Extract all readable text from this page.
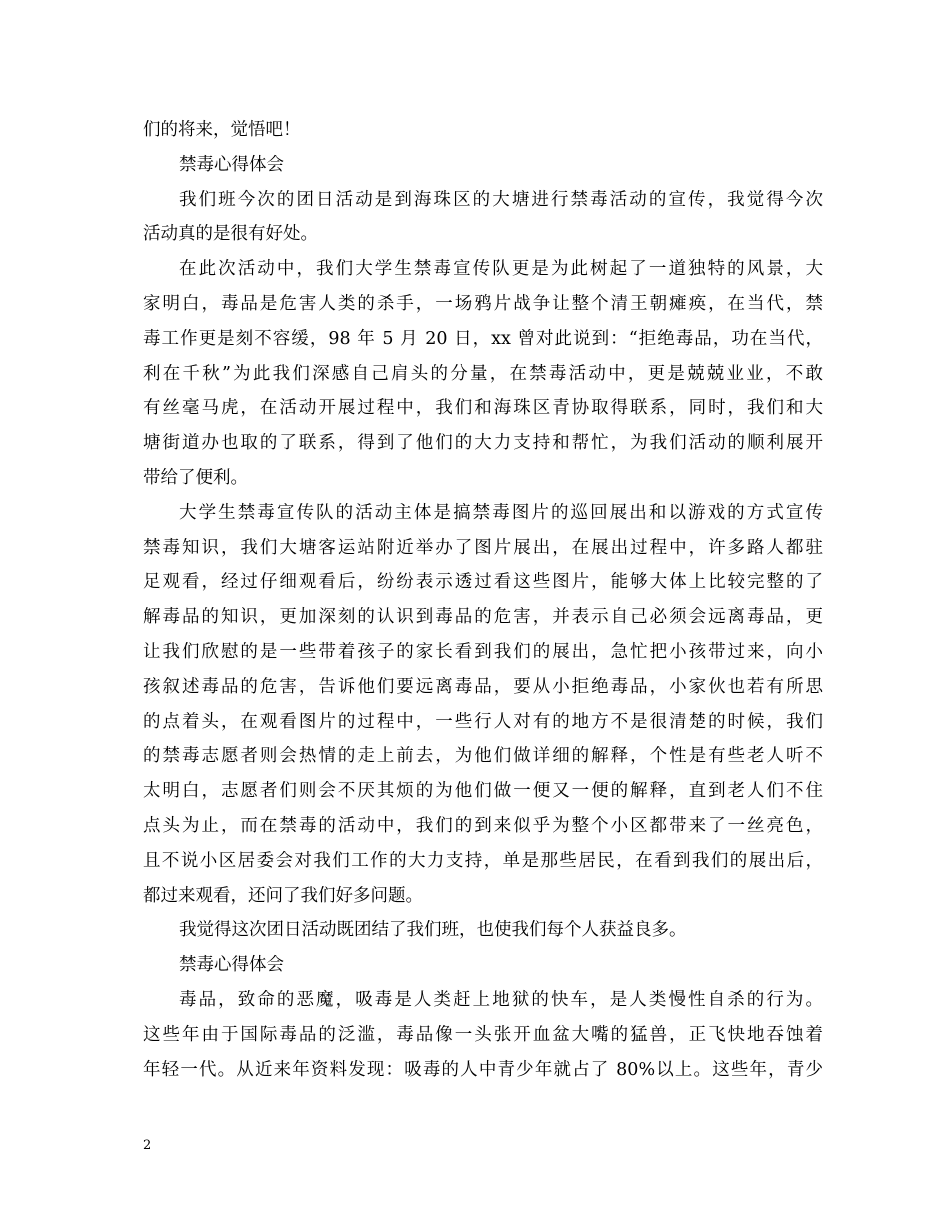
们的将来，觉悟吧！
禁毒心得体会
我们班今次的团日活动是到海珠区的大塘进行禁毒活动的宣传，我觉得今次
活动真的是很有好处。
在此次活动中，我们大学生禁毒宣传队更是为此树起了一道独特的风景，大
家明白，毒品是危害人类的杀手，一场鸦片战争让整个清王朝瘫痪，在当代，禁
毒工作更是刻不容缓，98 年 5 月 20 日，xx 曾对此说到：“拒绝毒品，功在当代，
利在千秋”为此我们深感自己肩头的分量，在禁毒活动中，更是兢兢业业，不敢
有丝毫马虎，在活动开展过程中，我们和海珠区青协取得联系，同时，我们和大
塘街道办也取的了联系，得到了他们的大力支持和帮忙，为我们活动的顺利展开
带给了便利。
大学生禁毒宣传队的活动主体是搞禁毒图片的巡回展出和以游戏的方式宣传
禁毒知识，我们大塘客运站附近举办了图片展出，在展出过程中，许多路人都驻
足观看，经过仔细观看后，纷纷表示透过看这些图片，能够大体上比较完整的了
解毒品的知识，更加深刻的认识到毒品的危害，并表示自己必须会远离毒品，更
让我们欣慰的是一些带着孩子的家长看到我们的展出，急忙把小孩带过来，向小
孩叙述毒品的危害，告诉他们要远离毒品，要从小拒绝毒品，小家伙也若有所思
的点着头，在观看图片的过程中，一些行人对有的地方不是很清楚的时候，我们
的禁毒志愿者则会热情的走上前去，为他们做详细的解释，个性是有些老人听不
太明白，志愿者们则会不厌其烦的为他们做一便又一便的解释，直到老人们不住
点头为止，而在禁毒的活动中，我们的到来似乎为整个小区都带来了一丝亮色，
且不说小区居委会对我们工作的大力支持，单是那些居民，在看到我们的展出后，
都过来观看，还问了我们好多问题。
我觉得这次团日活动既团结了我们班，也使我们每个人获益良多。
禁毒心得体会
毒品，致命的恶魔，吸毒是人类赶上地狱的快车，是人类慢性自杀的行为。
这些年由于国际毒品的泛滥，毒品像一头张开血盆大嘴的猛兽，正飞快地吞蚀着
年轻一代。从近来年资料发现：吸毒的人中青少年就占了 80%以上。这些年，青少
2
